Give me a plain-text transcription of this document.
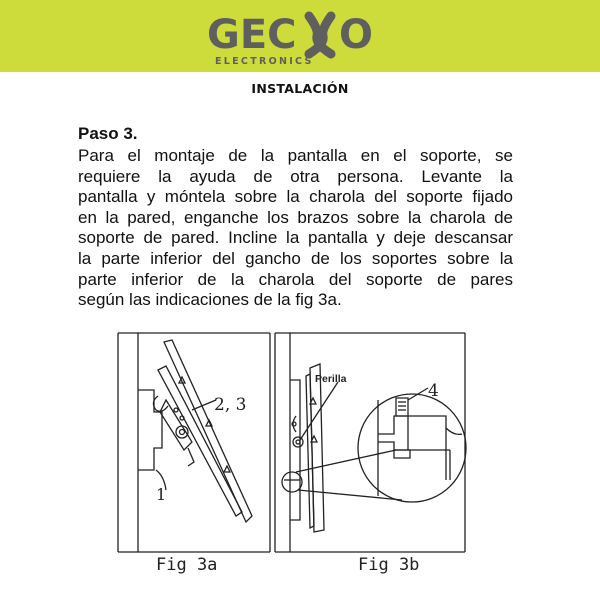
GEC O
ELECTRONICS
INSTALACIÓN
Paso 3.
Para el montaje de la pantalla en el soporte, se
requiere la ayuda de otra persona. Levante la
pantalla y móntela sobre la charola del soporte fijado
en la pared, enganche los brazos sobre la charola de
soporte de pared. Incline la pantalla y deje descansar
la parte inferior del gancho de los soportes sobre la
parte inferior de la charola del soporte de pares
según las indicaciones de la fig 3a.
1
2, 3
Fig 3a
Perilla
4
Fig 3b
